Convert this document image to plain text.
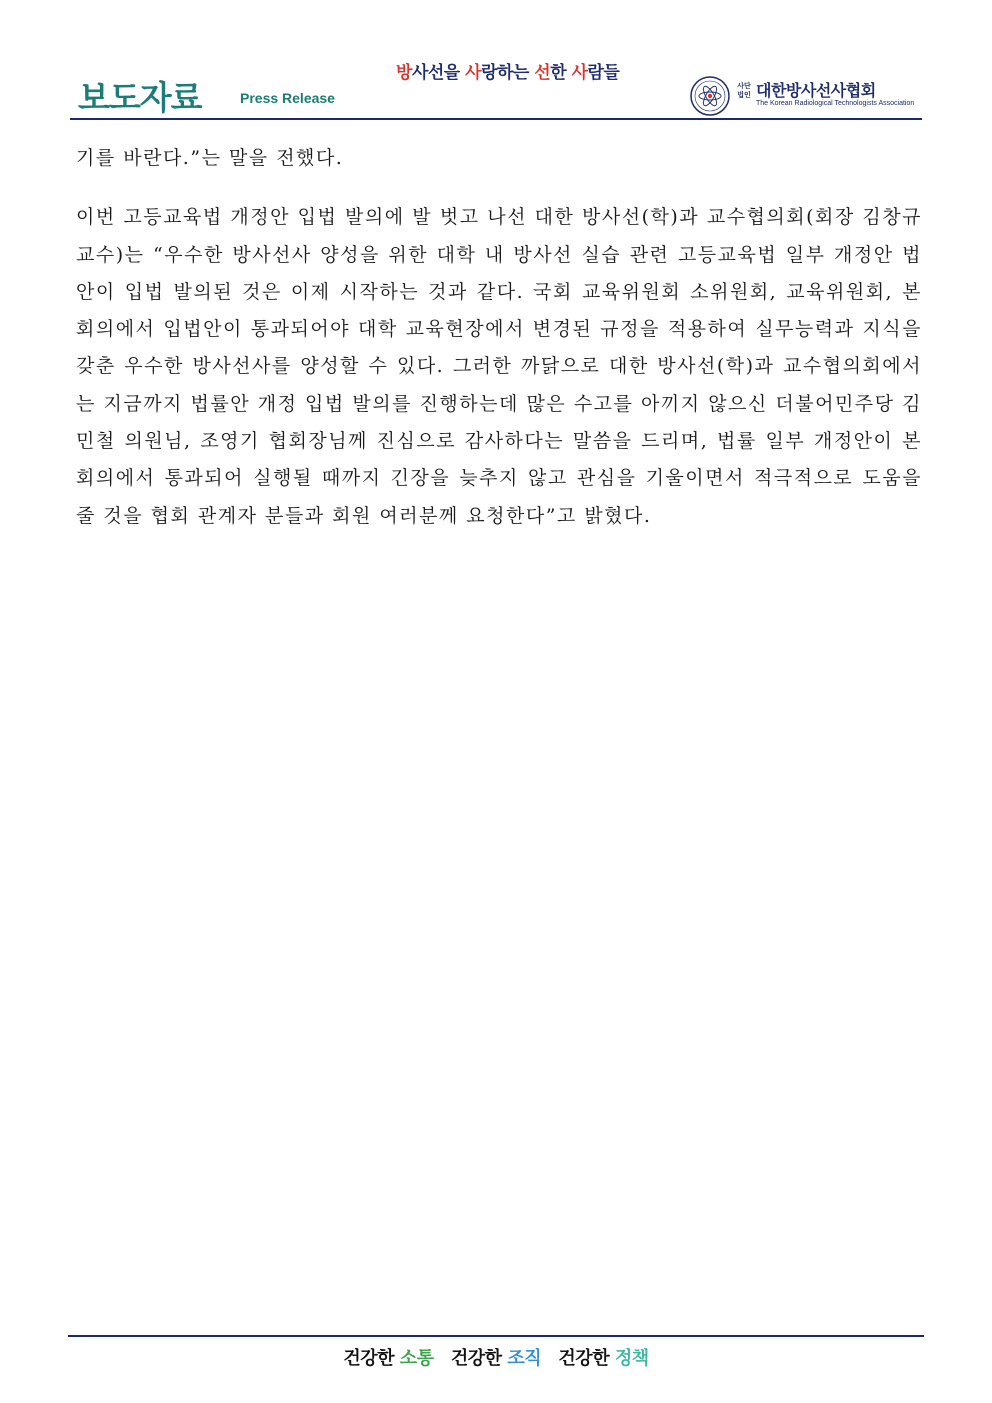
보도자료	Press Release
방사선을 사랑하는 선한 사람들
사단 법인 대한방사선사협회
The Korean Radiological Technologists Association

기를 바란다.”는 말을 전했다.

이번 고등교육법 개정안 입법 발의에 발 벗고 나선 대한 방사선(학)과 교수협의회(회장 김창규 교수)는 “우수한 방사선사 양성을 위한 대학 내 방사선 실습 관련 고등교육법 일부 개정안 법안이 입법 발의된 것은 이제 시작하는 것과 같다. 국회 교육위원회 소위원회, 교육위원회, 본 회의에서 입법안이 통과되어야 대학 교육현장에서 변경된 규정을 적용하여 실무능력과 지식을 갖춘 우수한 방사선사를 양성할 수 있다. 그러한 까닭으로 대한 방사선(학)과 교수협의회에서는 지금까지 법률안 개정 입법 발의를 진행하는데 많은 수고를 아끼지 않으신 더불어민주당 김민철 의원님, 조영기 협회장님께 진심으로 감사하다는 말씀을 드리며, 법률 일부 개정안이 본 회의에서 통과되어 실행될 때까지 긴장을 늦추지 않고 관심을 기울이면서 적극적으로 도움을 줄 것을 협회 관계자 분들과 회원 여러분께 요청한다”고 밝혔다.

건강한 소통 건강한 조직 건강한 정책
